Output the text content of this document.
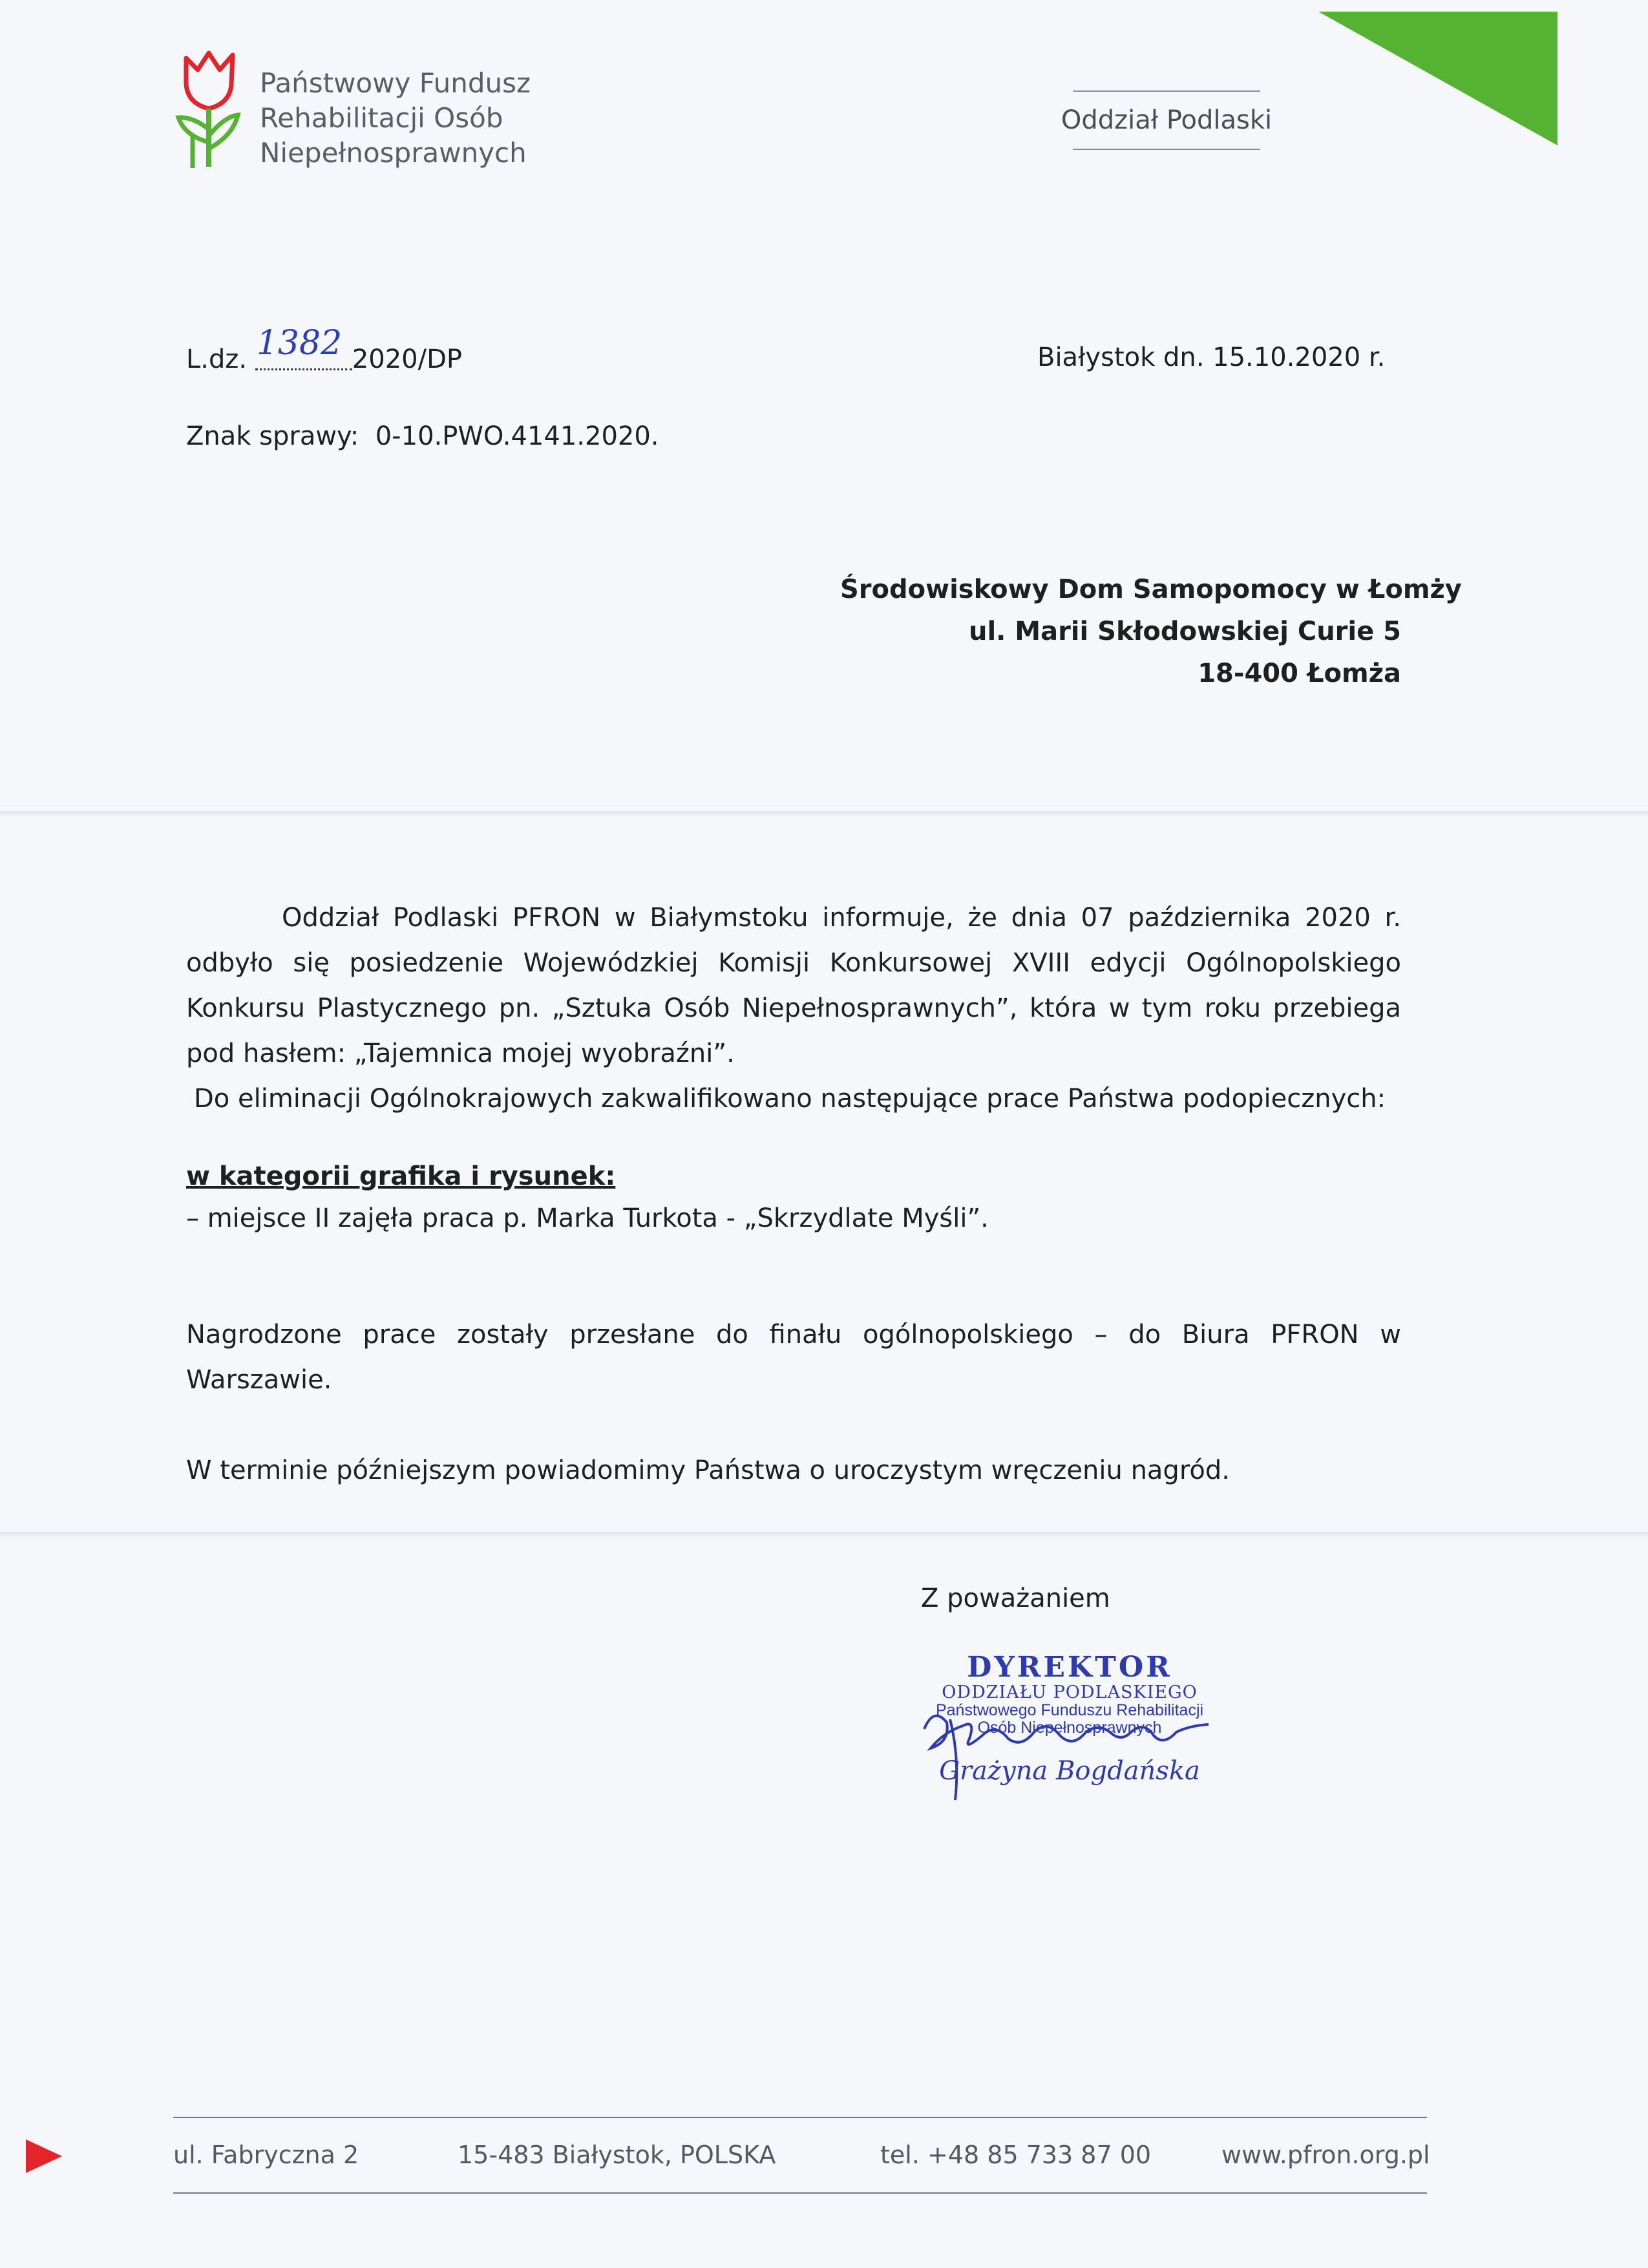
Państwowy Fundusz
Rehabilitacji Osób
Niepełnosprawnych
Oddział Podlaski
L.dz. 1382 2020/DP	Białystok dn. 15.10.2020 r.
Znak sprawy: 0-10.PWO.4141.2020.
Środowiskowy Dom Samopomocy w Łomży
ul. Marii Skłodowskiej Curie 5
18-400 Łomża
Oddział Podlaski PFRON w Białymstoku informuje, że dnia 07 października 2020 r. odbyło się posiedzenie Wojewódzkiej Komisji Konkursowej XVIII edycji Ogólnopolskiego Konkursu Plastycznego pn. „Sztuka Osób Niepełnosprawnych”, która w tym roku przebiega pod hasłem: „Tajemnica mojej wyobraźni”.
Do eliminacji Ogólnokrajowych zakwalifikowano następujące prace Państwa podopiecznych:
w kategorii grafika i rysunek:
– miejsce II zajęła praca p. Marka Turkota - „Skrzydlate Myśli”.
Nagrodzone prace zostały przesłane do finału ogólnopolskiego – do Biura PFRON w Warszawie.
W terminie późniejszym powiadomimy Państwa o uroczystym wręczeniu nagród.
Z poważaniem
DYREKTOR
ODDZIAŁU PODLASKIEGO
Państwowego Funduszu Rehabilitacji
Osób Niepełnosprawnych
Grażyna Bogdańska
ul. Fabryczna 2	15-483 Białystok, POLSKA	tel. +48 85 733 87 00	www.pfron.org.pl
